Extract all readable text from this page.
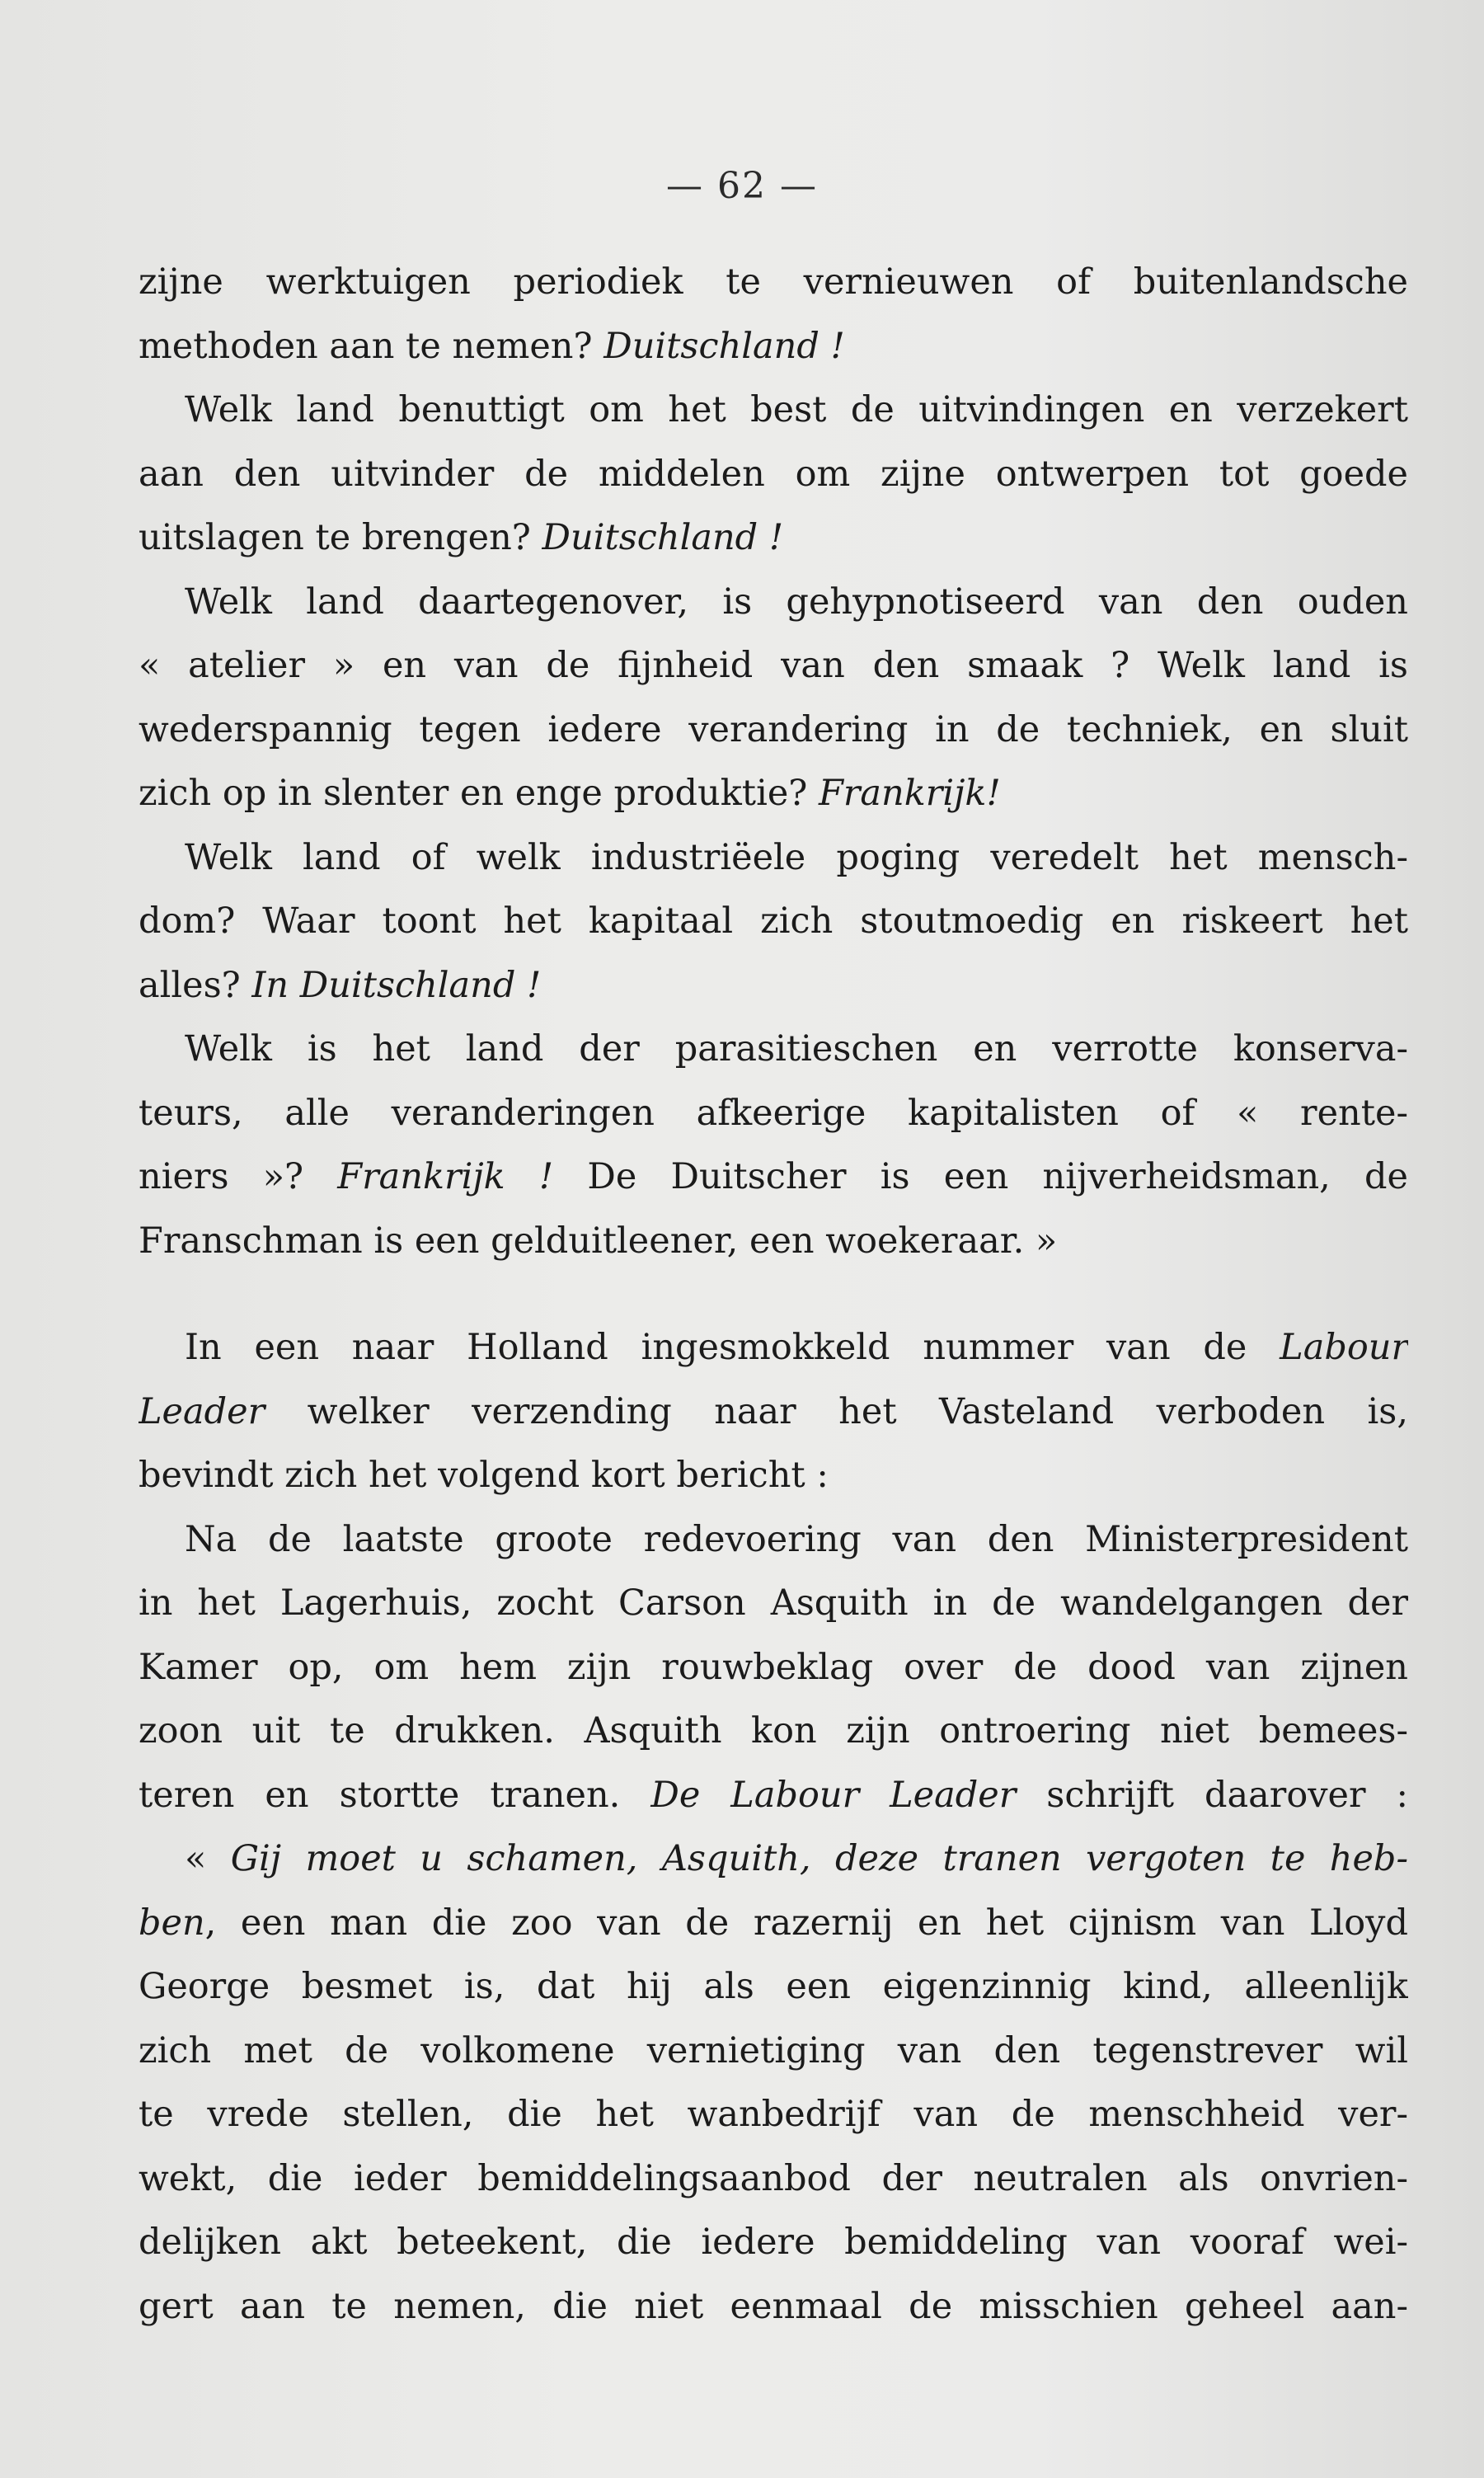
— 62 —
zijne werktuigen periodiek te vernieuwen of buitenlandsche
methoden aan te nemen? Duitschland !
Welk land benuttigt om het best de uitvindingen en verzekert
aan den uitvinder de middelen om zijne ontwerpen tot goede
uitslagen te brengen? Duitschland !
Welk land daartegenover, is gehypnotiseerd van den ouden
« atelier » en van de fijnheid van den smaak ? Welk land is
wederspannig tegen iedere verandering in de techniek, en sluit
zich op in slenter en enge produktie? Frankrijk!
Welk land of welk industriëele poging veredelt het mensch-
dom? Waar toont het kapitaal zich stoutmoedig en riskeert het
alles? In Duitschland !
Welk is het land der parasitieschen en verrotte konserva-
teurs, alle veranderingen afkeerige kapitalisten of « rente-
niers »? Frankrijk ! De Duitscher is een nijverheidsman, de
Franschman is een gelduitleener, een woekeraar. »
In een naar Holland ingesmokkeld nummer van de Labour
Leader welker verzending naar het Vasteland verboden is,
bevindt zich het volgend kort bericht :
Na de laatste groote redevoering van den Ministerpresident
in het Lagerhuis, zocht Carson Asquith in de wandelgangen der
Kamer op, om hem zijn rouwbeklag over de dood van zijnen
zoon uit te drukken. Asquith kon zijn ontroering niet bemees-
teren en stortte tranen. De Labour Leader schrijft daarover :
« Gij moet u schamen, Asquith, deze tranen vergoten te heb-
ben, een man die zoo van de razernij en het cijnism van Lloyd
George besmet is, dat hij als een eigenzinnig kind, alleenlijk
zich met de volkomene vernietiging van den tegenstrever wil
te vrede stellen, die het wanbedrijf van de menschheid ver-
wekt, die ieder bemiddelingsaanbod der neutralen als onvrien-
delijken akt beteekent, die iedere bemiddeling van vooraf wei-
gert aan te nemen, die niet eenmaal de misschien geheel aan-
